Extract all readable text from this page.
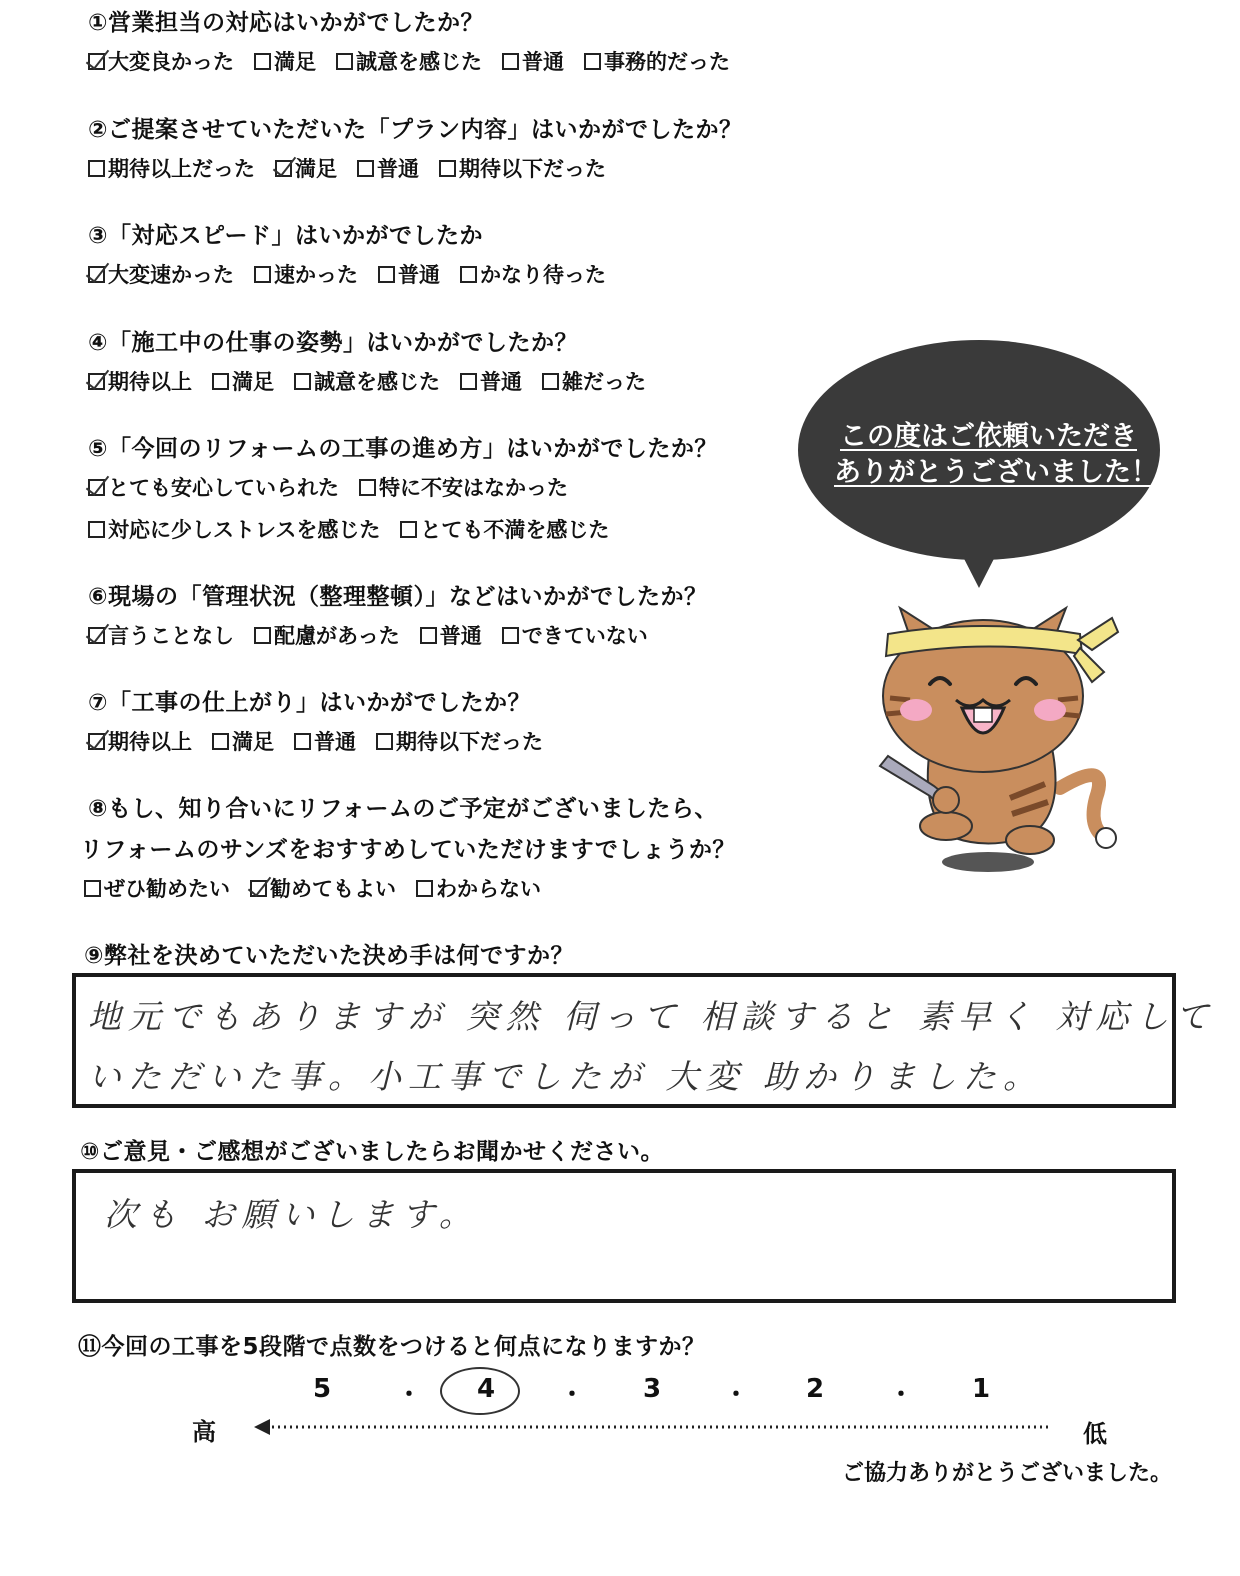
①営業担当の対応はいかがでしたか？
大変良かった 満足 誠意を感じた 普通 事務的だった
②ご提案させていただいた「プラン内容」はいかがでしたか？
期待以上だった 満足 普通 期待以下だった
③「対応スピード」はいかがでしたか
大変速かった 速かった 普通 かなり待った
④「施工中の仕事の姿勢」はいかがでしたか？
期待以上 満足 誠意を感じた 普通 雑だった
⑤「今回のリフォームの工事の進め方」はいかがでしたか？
とても安心していられた 特に不安はなかった
対応に少しストレスを感じた とても不満を感じた
⑥現場の「管理状況（整理整頓）」などはいかがでしたか？
言うことなし 配慮があった 普通 できていない
⑦「工事の仕上がり」はいかがでしたか？
期待以上 満足 普通 期待以下だった
⑧もし、知り合いにリフォームのご予定がございましたら、
リフォームのサンズをおすすめしていただけますでしょうか？
ぜひ勧めたい 勧めてもよい わからない
⑨弊社を決めていただいた決め手は何ですか？
地元でもありますが 突然 伺って 相談すると 素早く 対応して
いただいた事。小工事でしたが 大変 助かりました。
⑩ご意見・ご感想がございましたらお聞かせください。
次も お願いします。
⑪今回の工事を5段階で点数をつけると何点になりますか？
5	・ 4	・ 3	・ 2	・ 1
高	低
ご協力ありがとうございました。
この度はご依頼いただき
ありがとうございました！
